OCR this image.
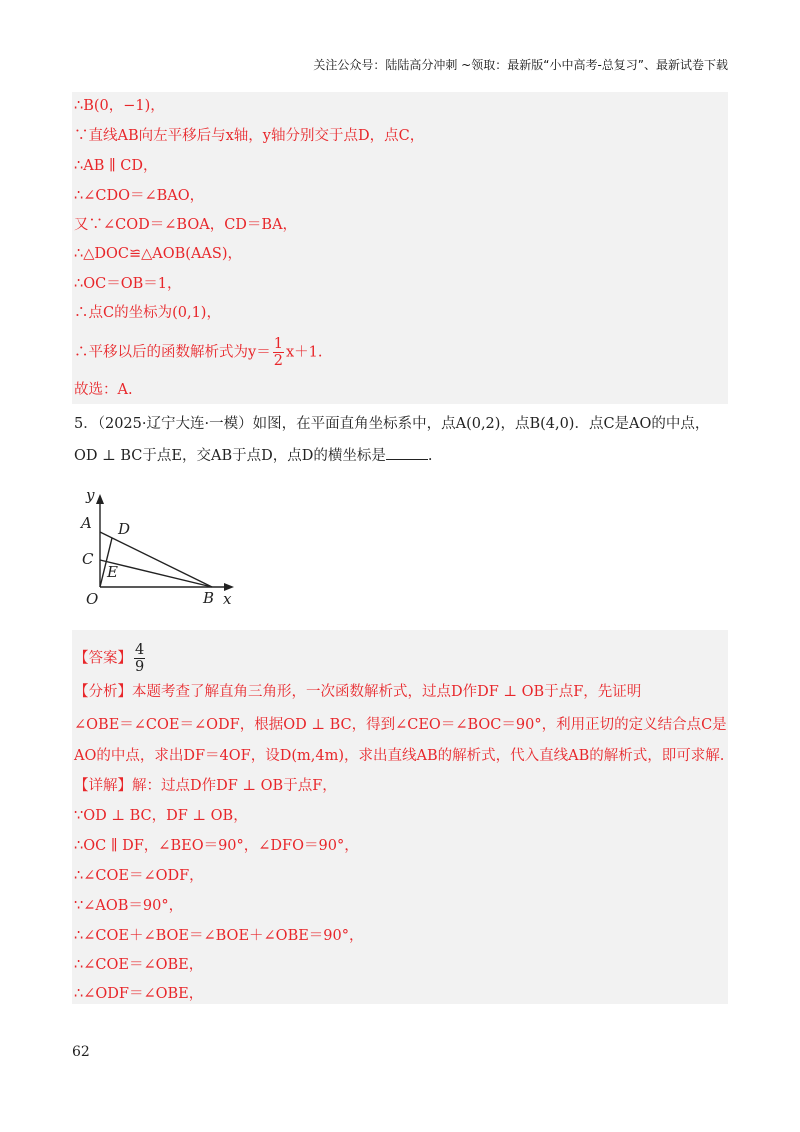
关注公众号：陆陆高分冲刺 ~领取：最新版“小中高考-总复习”、最新试卷下载
∴B(0，−1)，
∵直线AB向左平移后与x轴，y轴分别交于点D，点C，
∴AB ∥ CD，
∴∠CDO＝∠BAO，
又∵∠COD＝∠BOA，CD＝BA，
∴△DOC≌△AOB(AAS)，
∴OC＝OB＝1，
∴点C的坐标为(0,1)，
∴平移以后的函数解析式为$y= \frac{1}{2} x+1$.
故选：A.
5．（2025·辽宁大连·一模）如图，在平面直角坐标系中，点A(0,2)，点B(4,0)．点C是AO的中点，
OD ⊥ BC于点E，交AB于点D，点D的横坐标是	.
y
A D
C
E
O	B x
【答案】 $\frac{4}{9}$
【分析】本题考查了解直角三角形，一次函数解析式，过点D作DF ⊥ OB于点F，先证明
∠OBE＝∠COE＝∠ODF，根据OD ⊥ BC，得到∠CEO＝∠BOC＝90°，利用正切的定义结合点C是
AO的中点，求出DF＝4OF，设D(m,4m)，求出直线AB的解析式，代入直线AB的解析式，即可求解.
【详解】解：过点D作DF ⊥ OB于点F，
∵OD ⊥ BC，DF ⊥ OB，
∴OC ∥ DF，∠BEO＝90°，∠DFO＝90°，
∴∠COE＝∠ODF，
∵∠AOB＝90°，
∴∠COE＋∠BOE＝∠BOE＋∠OBE＝90°，
∴∠COE＝∠OBE，
∴∠ODF＝∠OBE，
62
